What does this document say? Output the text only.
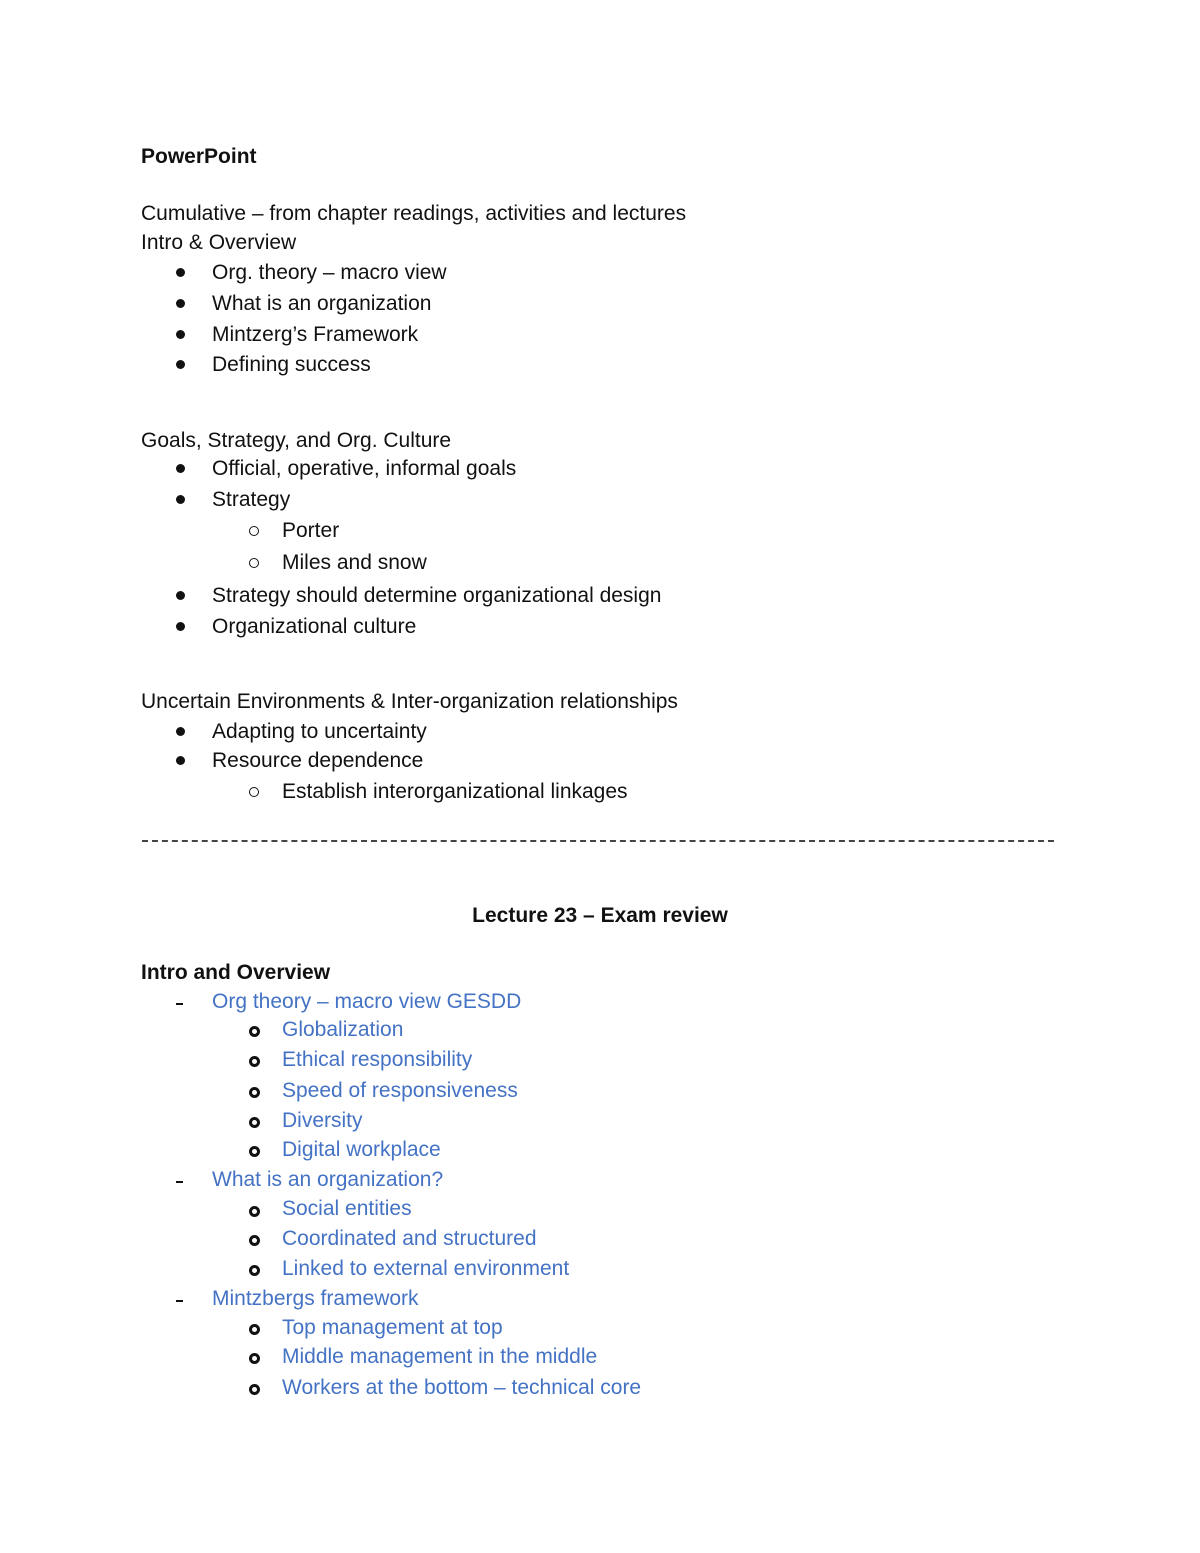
PowerPoint
Cumulative – from chapter readings, activities and lectures
Intro & Overview
Org. theory – macro view
What is an organization
Mintzerg’s Framework
Defining success
Goals, Strategy, and Org. Culture
Official, operative, informal goals
Strategy
Porter
Miles and snow
Strategy should determine organizational design
Organizational culture
Uncertain Environments & Inter-organization relationships
Adapting to uncertainty
Resource dependence
Establish interorganizational linkages
Lecture 23 – Exam review
Intro and Overview
Org theory – macro view GESDD
Globalization
Ethical responsibility
Speed of responsiveness
Diversity
Digital workplace
What is an organization?
Social entities
Coordinated and structured
Linked to external environment
Mintzbergs framework
Top management at top
Middle management in the middle
Workers at the bottom – technical core
